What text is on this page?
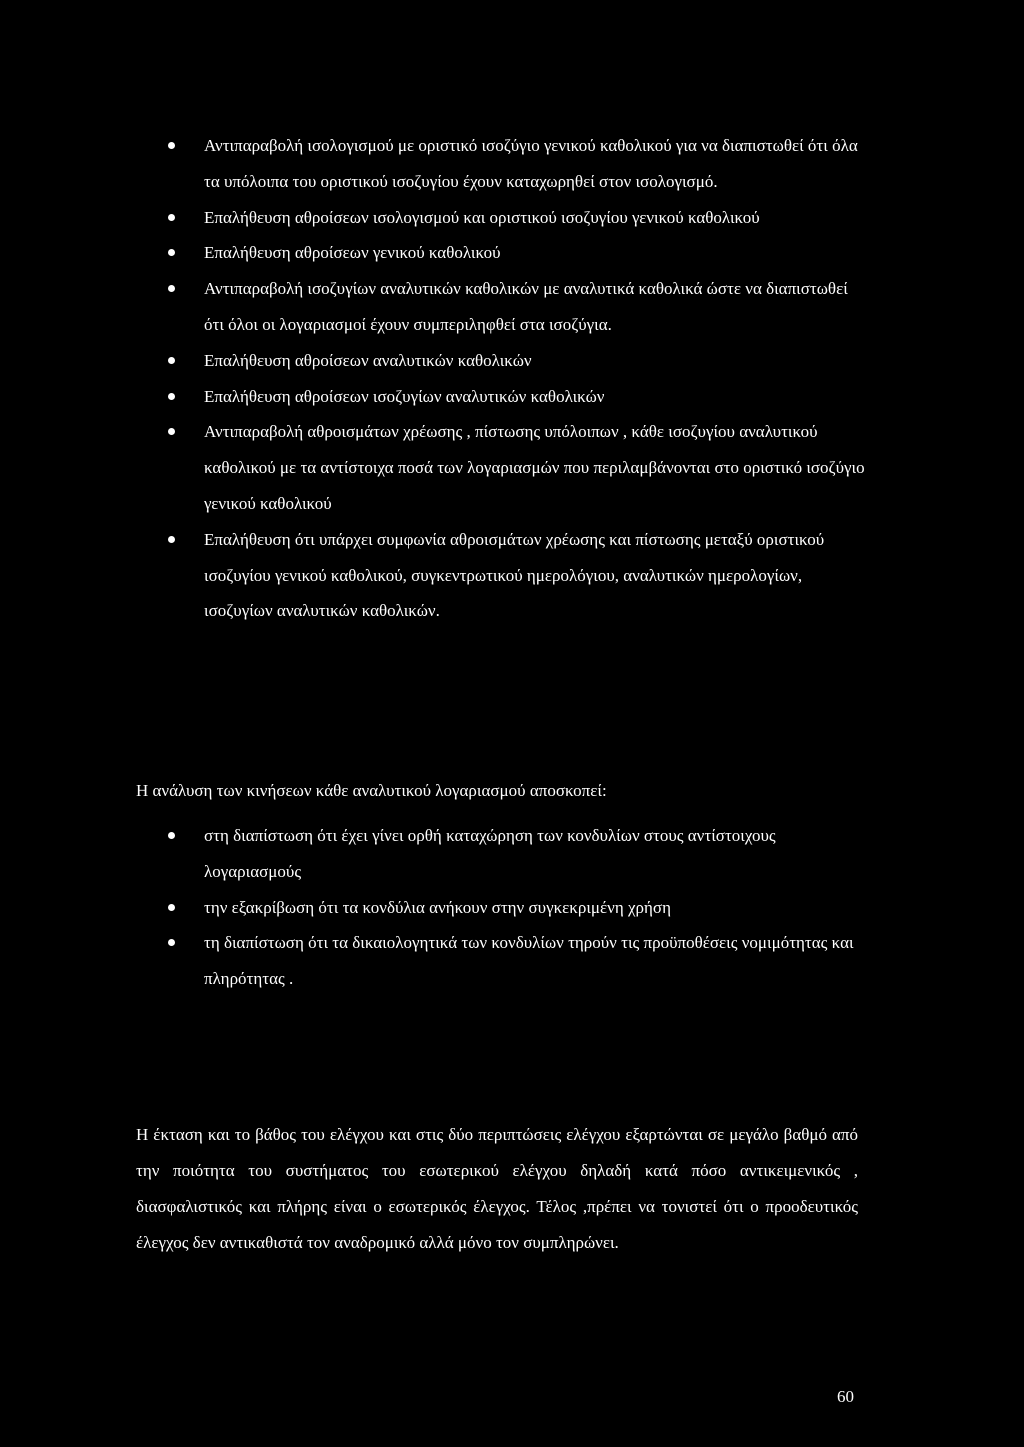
Αντιπαραβολή ισολογισμού με οριστικό ισοζύγιο γενικού καθολικού για να διαπιστωθεί ότι όλα τα υπόλοιπα του οριστικού ισοζυγίου έχουν καταχωρηθεί στον ισολογισμό.
Επαλήθευση αθροίσεων ισολογισμού και οριστικού ισοζυγίου γενικού καθολικού
Επαλήθευση αθροίσεων γενικού καθολικού
Αντιπαραβολή ισοζυγίων αναλυτικών καθολικών με αναλυτικά καθολικά ώστε να διαπιστωθεί ότι όλοι οι λογαριασμοί έχουν συμπεριληφθεί στα ισοζύγια.
Επαλήθευση αθροίσεων αναλυτικών καθολικών
Επαλήθευση αθροίσεων ισοζυγίων αναλυτικών καθολικών
Αντιπαραβολή αθροισμάτων χρέωσης , πίστωσης υπόλοιπων , κάθε ισοζυγίου αναλυτικού καθολικού με τα αντίστοιχα ποσά των λογαριασμών που περιλαμβάνονται στο οριστικό ισοζύγιο γενικού καθολικού
Επαλήθευση ότι υπάρχει συμφωνία αθροισμάτων χρέωσης και πίστωσης μεταξύ οριστικού ισοζυγίου γενικού καθολικού, συγκεντρωτικού ημερολόγιου, αναλυτικών ημερολογίων, ισοζυγίων αναλυτικών καθολικών.

Η ανάλυση των κινήσεων κάθε αναλυτικού λογαριασμού αποσκοπεί:

στη διαπίστωση ότι έχει γίνει ορθή καταχώρηση των κονδυλίων στους αντίστοιχους λογαριασμούς
την εξακρίβωση ότι τα κονδύλια ανήκουν στην συγκεκριμένη χρήση
τη διαπίστωση ότι τα δικαιολογητικά των κονδυλίων τηρούν τις προϋποθέσεις νομιμότητας και πληρότητας .

Η έκταση και το βάθος του ελέγχου και στις δύο περιπτώσεις ελέγχου εξαρτώνται σε μεγάλο βαθμό από την ποιότητα του συστήματος του εσωτερικού ελέγχου δηλαδή κατά πόσο αντικειμενικός , διασφαλιστικός και πλήρης είναι ο εσωτερικός έλεγχος. Τέλος ,πρέπει να τονιστεί ότι ο προοδευτικός έλεγχος δεν αντικαθιστά τον αναδρομικό αλλά μόνο τον συμπληρώνει.

60
